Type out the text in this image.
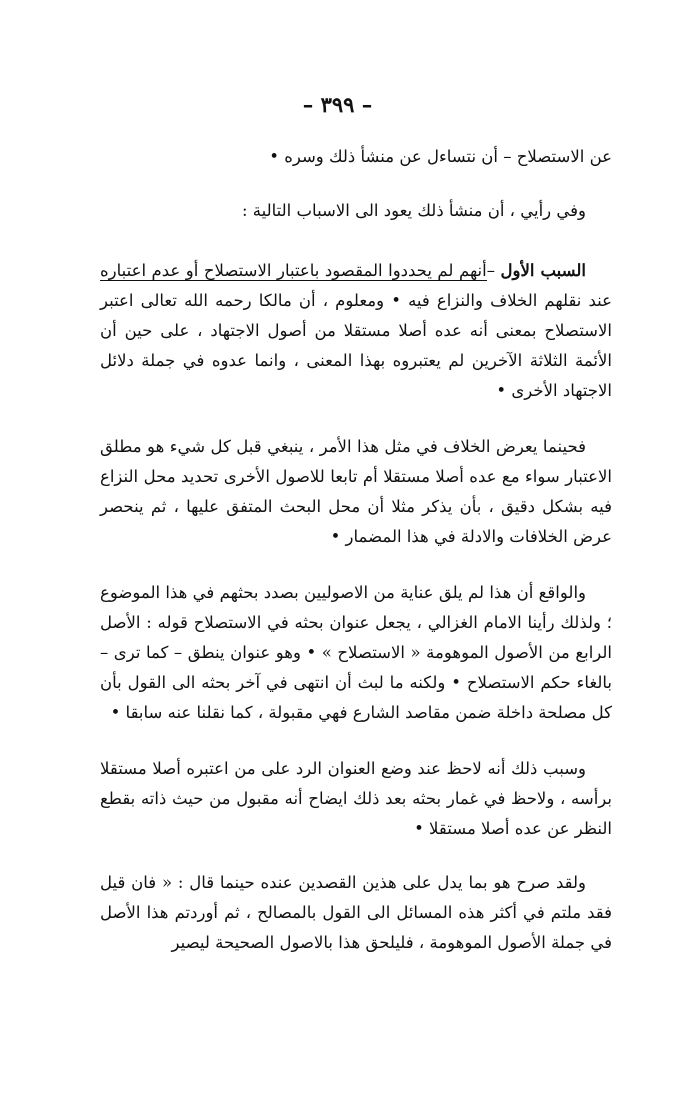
– ٣٩٩ –

عن الاستصلاح – أن نتساءل عن منشأ ذلك وسره •

وفي رأيي ، أن منشأ ذلك يعود الى الاسباب التالية :

السبب الأول –أنهم لم يحددوا المقصود باعتبار الاستصلاح أو عدم اعتباره عند نقلهم الخلاف والنزاع فيه • ومعلوم ، أن مالكا رحمه الله تعالى اعتبر الاستصلاح بمعنى أنه عده أصلا مستقلا من أصول الاجتهاد ، على حين أن الأئمة الثلاثة الآخرين لم يعتبروه بهذا المعنى ، وانما عدوه في جملة دلائل الاجتهاد الأخرى •

فحينما يعرض الخلاف في مثل هذا الأمر ، ينبغي قبل كل شيء هو مطلق الاعتبار سواء مع عده أصلا مستقلا أم تابعا للاصول الأخرى تحديد محل النزاع فيه بشكل دقيق ، بأن يذكر مثلا أن محل البحث المتفق عليها ، ثم ينحصر عرض الخلافات والادلة في هذا المضمار •

والواقع أن هذا لم يلق عناية من الاصوليين بصدد بحثهم في هذا الموضوع ؛ ولذلك رأينا الامام الغزالي ، يجعل عنوان بحثه في الاستصلاح قوله : الأصل الرابع من الأصول الموهومة « الاستصلاح » • وهو عنوان ينطق – كما ترى – بالغاء حكم الاستصلاح • ولكنه ما لبث أن انتهى في آخر بحثه الى القول بأن كل مصلحة داخلة ضمن مقاصد الشارع فهي مقبولة ، كما نقلنا عنه سابقا •

وسبب ذلك أنه لاحظ عند وضع العنوان الرد على من اعتبره أصلا مستقلا برأسه ، ولاحظ في غمار بحثه بعد ذلك ايضاح أنه مقبول من حيث ذاته بقطع النظر عن عده أصلا مستقلا •

ولقد صرح هو بما يدل على هذين القصدين عنده حينما قال : « فان قيل فقد ملتم في أكثر هذه المسائل الى القول بالمصالح ، ثم أوردتم هذا الأصل في جملة الأصول الموهومة ، فليلحق هذا بالاصول الصحيحة ليصير
